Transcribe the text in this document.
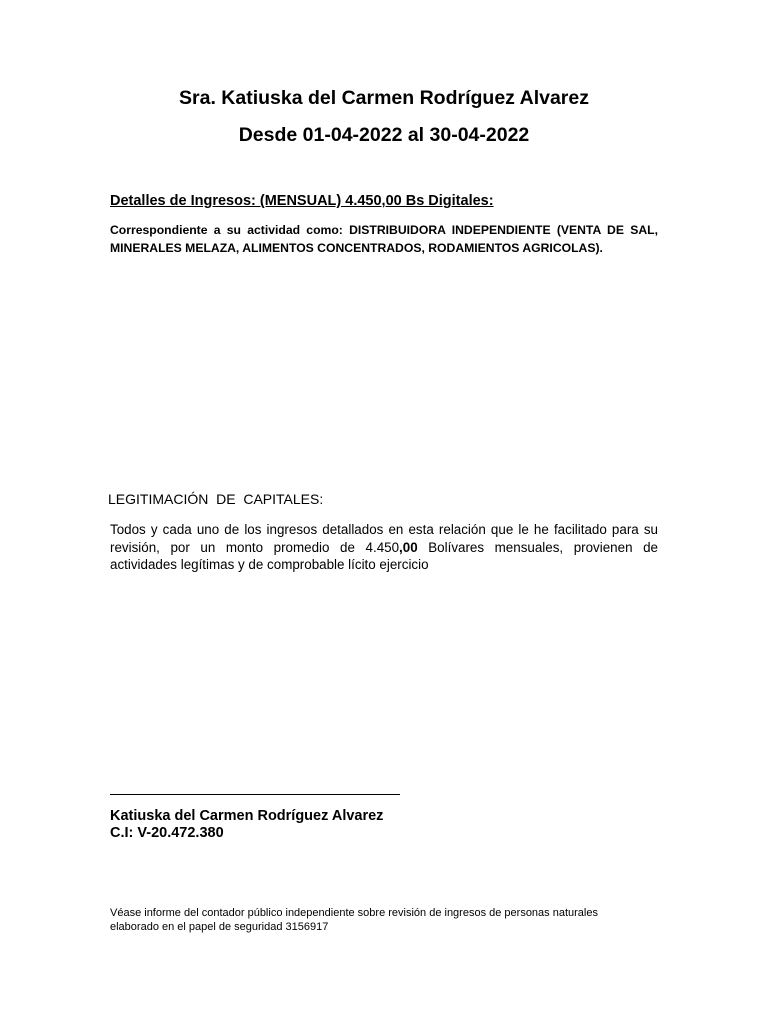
Sra. Katiuska del Carmen Rodríguez Alvarez
Desde 01-04-2022 al 30-04-2022
Detalles de Ingresos: (MENSUAL) 4.450,00 Bs Digitales:
Correspondiente a su actividad como: DISTRIBUIDORA INDEPENDIENTE (VENTA DE SAL, MINERALES MELAZA, ALIMENTOS CONCENTRADOS, RODAMIENTOS AGRICOLAS).
LEGITIMACIÓN  DE  CAPITALES:
Todos y cada uno de los ingresos detallados en esta relación que le he facilitado para su revisión, por un monto promedio de 4.450,00 Bolívares mensuales, provienen de actividades legítimas y de comprobable lícito ejercicio
Katiuska del Carmen Rodríguez Alvarez
C.I: V-20.472.380
Véase informe del contador público independiente sobre revisión de ingresos de personas naturales
elaborado en el papel de seguridad 3156917
